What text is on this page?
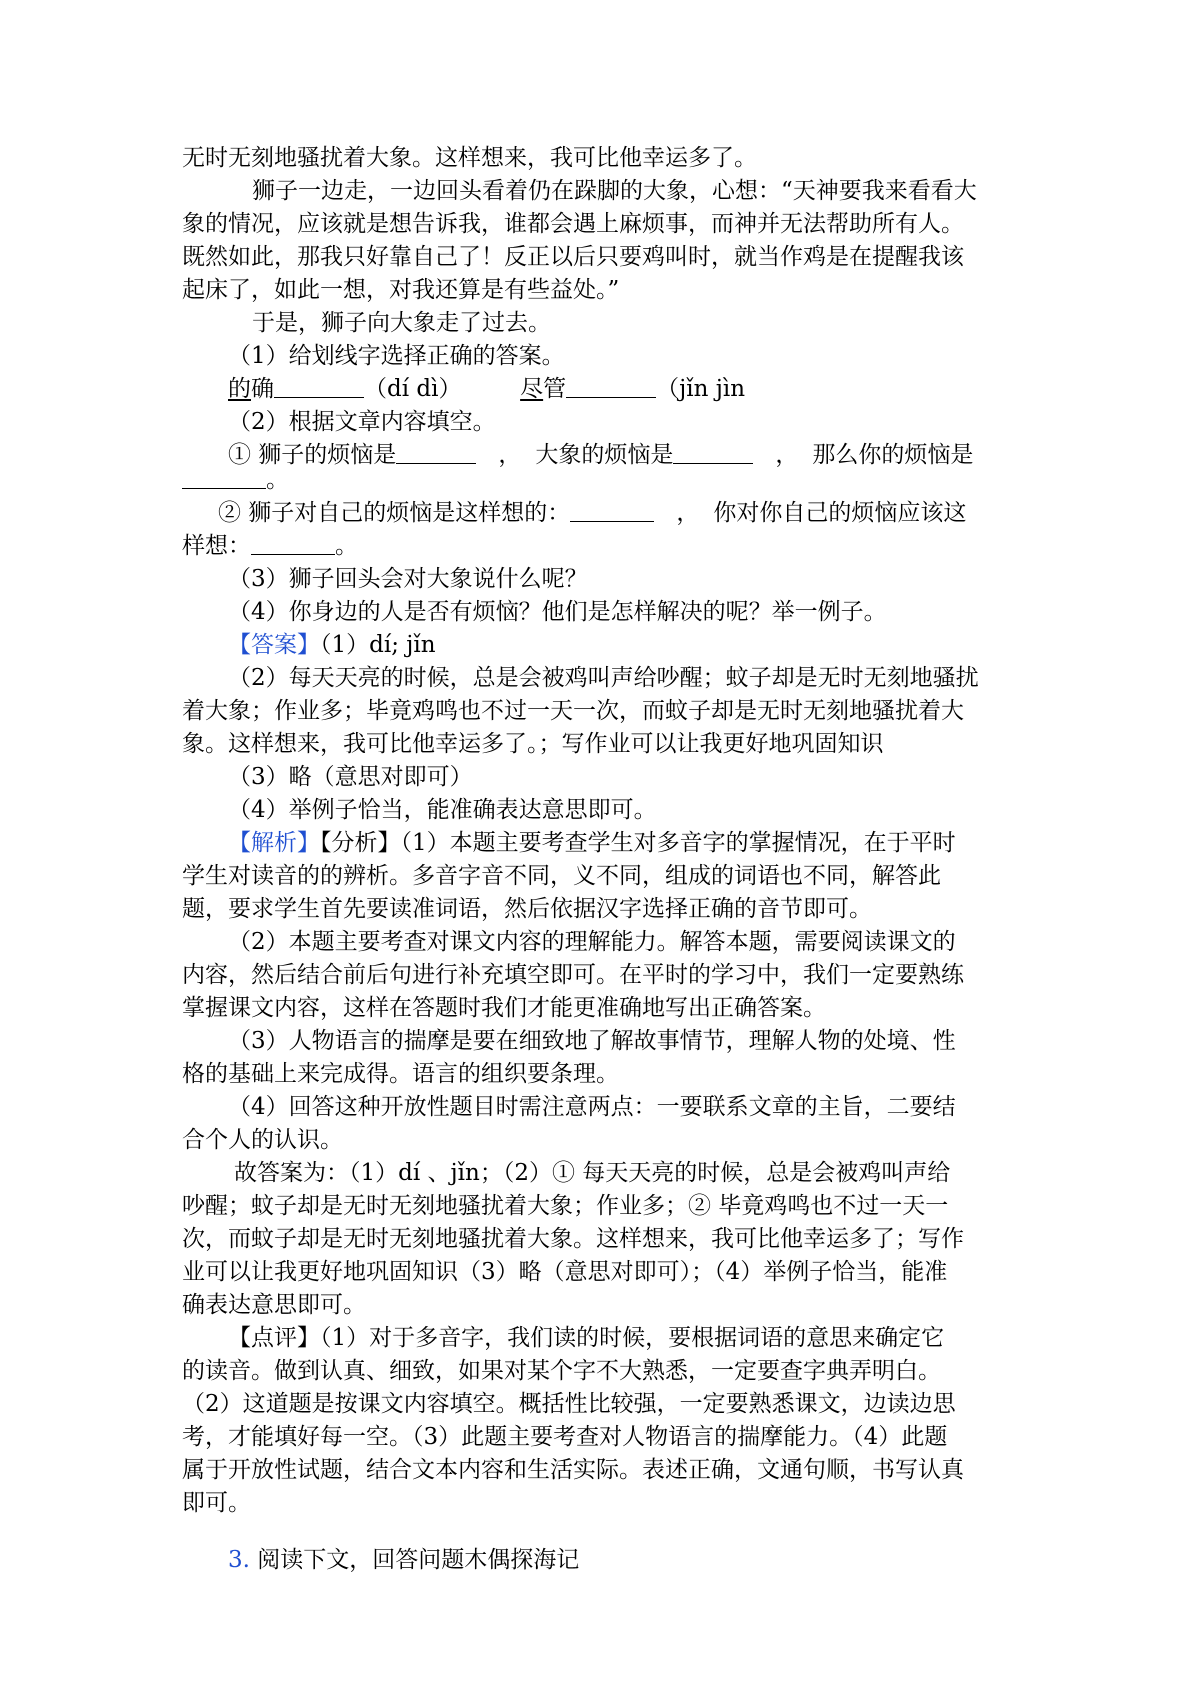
无时无刻地骚扰着大象。这样想来，我可比他幸运多了。
狮子一边走，一边回头看着仍在跺脚的大象，心想：“天神要我来看看大
象的情况，应该就是想告诉我，谁都会遇上麻烦事，而神并无法帮助所有人。
既然如此，那我只好靠自己了！反正以后只要鸡叫时，就当作鸡是在提醒我该
起床了，如此一想，对我还算是有些益处。”
于是，狮子向大象走了过去。
（1）给划线字选择正确的答案。
的确	（dí dì）	尽管	（jǐn jìn
（2）根据文章内容填空。
① 狮子的烦恼是	， 大象的烦恼是	， 那么你的烦恼是
。
② 狮子对自己的烦恼是这样想的：	， 你对你自己的烦恼应该这
样想：	。
（3）狮子回头会对大象说什么呢？
（4）你身边的人是否有烦恼？他们是怎样解决的呢？举一例子。
【答案】（1）dí; jǐn
（2）每天天亮的时候，总是会被鸡叫声给吵醒；蚊子却是无时无刻地骚扰
着大象；作业多；毕竟鸡鸣也不过一天一次，而蚊子却是无时无刻地骚扰着大
象。这样想来，我可比他幸运多了。；写作业可以让我更好地巩固知识
（3）略（意思对即可）
（4）举例子恰当，能准确表达意思即可。
【解析】【分析】（1）本题主要考查学生对多音字的掌握情况，在于平时
学生对读音的的辨析。多音字音不同，义不同，组成的词语也不同，解答此
题，要求学生首先要读准词语，然后依据汉字选择正确的音节即可。
（2）本题主要考查对课文内容的理解能力。解答本题，需要阅读课文的
内容，然后结合前后句进行补充填空即可。在平时的学习中，我们一定要熟练
掌握课文内容，这样在答题时我们才能更准确地写出正确答案。
（3）人物语言的揣摩是要在细致地了解故事情节，理解人物的处境、性
格的基础上来完成得。语言的组织要条理。
（4）回答这种开放性题目时需注意两点：一要联系文章的主旨，二要结
合个人的认识。
故答案为：（1）dí 、jǐn；（2）① 每天天亮的时候，总是会被鸡叫声给
吵醒；蚊子却是无时无刻地骚扰着大象；作业多；② 毕竟鸡鸣也不过一天一
次，而蚊子却是无时无刻地骚扰着大象。这样想来，我可比他幸运多了；写作
业可以让我更好地巩固知识（3）略（意思对即可）；（4）举例子恰当，能准
确表达意思即可。
【点评】（1）对于多音字，我们读的时候，要根据词语的意思来确定它
的读音。做到认真、细致，如果对某个字不大熟悉，一定要查字典弄明白。
（2）这道题是按课文内容填空。概括性比较强，一定要熟悉课文，边读边思
考，才能填好每一空。（3）此题主要考查对人物语言的揣摩能力。（4）此题
属于开放性试题，结合文本内容和生活实际。表述正确，文通句顺，书写认真
即可。
3. 阅读下文，回答问题木偶探海记
